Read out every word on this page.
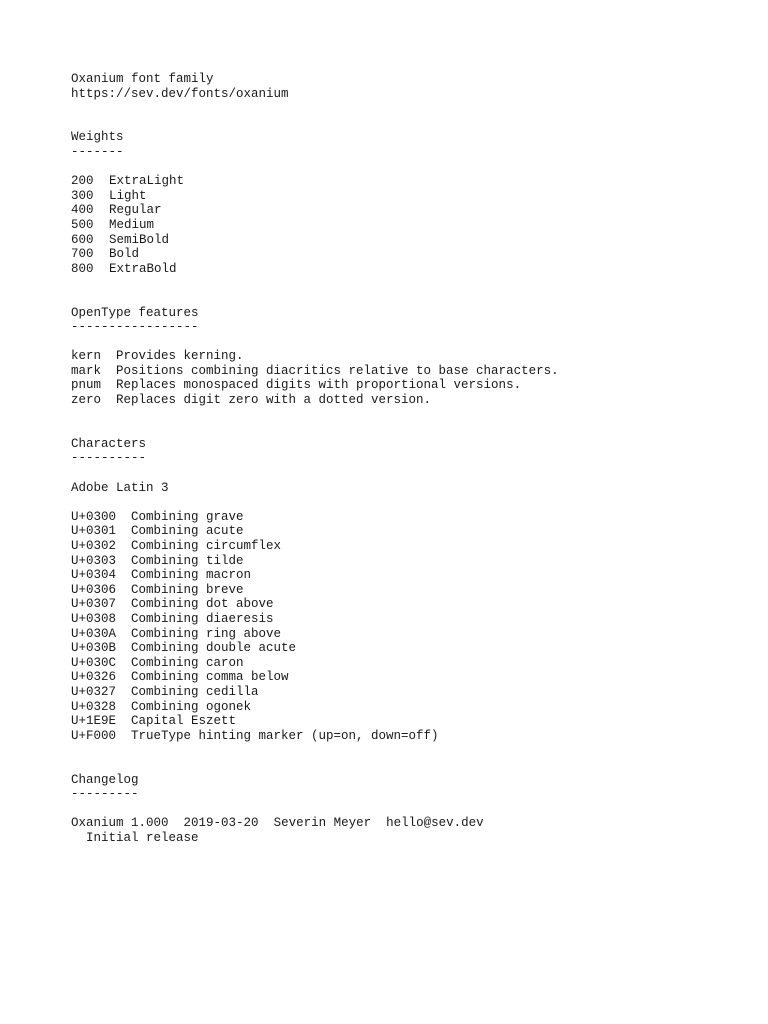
Oxanium font family
https://sev.dev/fonts/oxanium
Weights
-------
200 ExtraLight
300 Light
400 Regular
500 Medium
600 SemiBold
700 Bold
800 ExtraBold
OpenType features
-----------------
kern Provides kerning.
mark Positions combining diacritics relative to base characters.
pnum Replaces monospaced digits with proportional versions.
zero Replaces digit zero with a dotted version.
Characters
----------
Adobe Latin 3
U+0300 Combining grave
U+0301 Combining acute
U+0302 Combining circumflex
U+0303 Combining tilde
U+0304 Combining macron
U+0306 Combining breve
U+0307 Combining dot above
U+0308 Combining diaeresis
U+030A Combining ring above
U+030B Combining double acute
U+030C Combining caron
U+0326 Combining comma below
U+0327 Combining cedilla
U+0328 Combining ogonek
U+1E9E Capital Eszett
U+F000 TrueType hinting marker (up=on, down=off)
Changelog
---------
Oxanium 1.000 2019-03-20 Severin Meyer hello@sev.dev
Initial release
